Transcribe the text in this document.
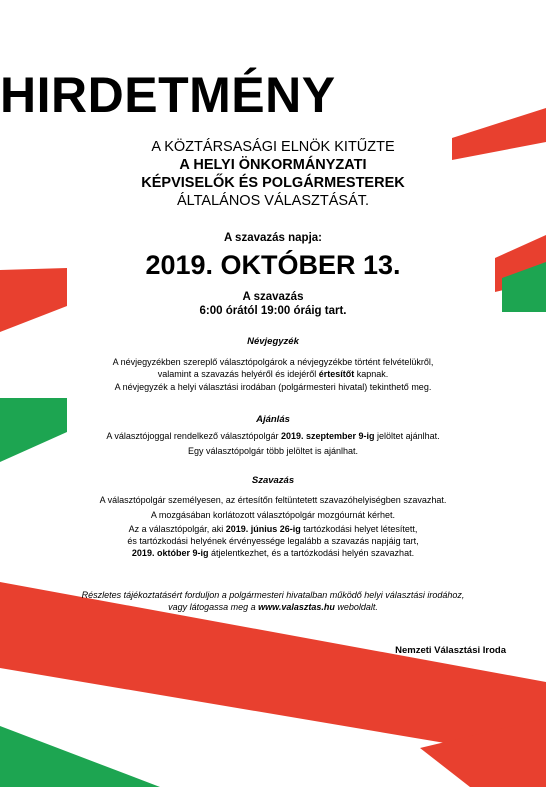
HIRDETMÉNY
A KÖZTÁRSASÁGI ELNÖK KITŰZTE
A HELYI ÖNKORMÁNYZATI
KÉPVISELŐK ÉS POLGÁRMESTEREK
ÁLTALÁNOS VÁLASZTÁSÁT.
A szavazás napja:
2019. OKTÓBER 13.
A szavazás
6:00 órától 19:00 óráig tart.
Névjegyzék
A névjegyzékben szereplő választópolgárok a névjegyzékbe történt felvételükről,
valamint a szavazás helyéről és idejéről értesítőt kapnak.
A névjegyzék a helyi választási irodában (polgármesteri hivatal) tekinthető meg.
Ajánlás
A választójoggal rendelkező választópolgár 2019. szeptember 9-ig jelöltet ajánlhat.
Egy választópolgár több jelöltet is ajánlhat.
Szavazás
A választópolgár személyesen, az értesítőn feltüntetett szavazóhelyiségben szavazhat.
A mozgásában korlátozott választópolgár mozgóurnát kérhet.
Az a választópolgár, aki 2019. június 26-ig tartózkodási helyet létesített,
és tartózkodási helyének érvényessége legalább a szavazás napjáig tart,
2019. október 9-ig átjelentkezhet, és a tartózkodási helyén szavazhat.
Részletes tájékoztatásért forduljon a polgármesteri hivatalban működő helyi választási irodához,
vagy látogassa meg a www.valasztas.hu weboldalt.
Nemzeti Választási Iroda
